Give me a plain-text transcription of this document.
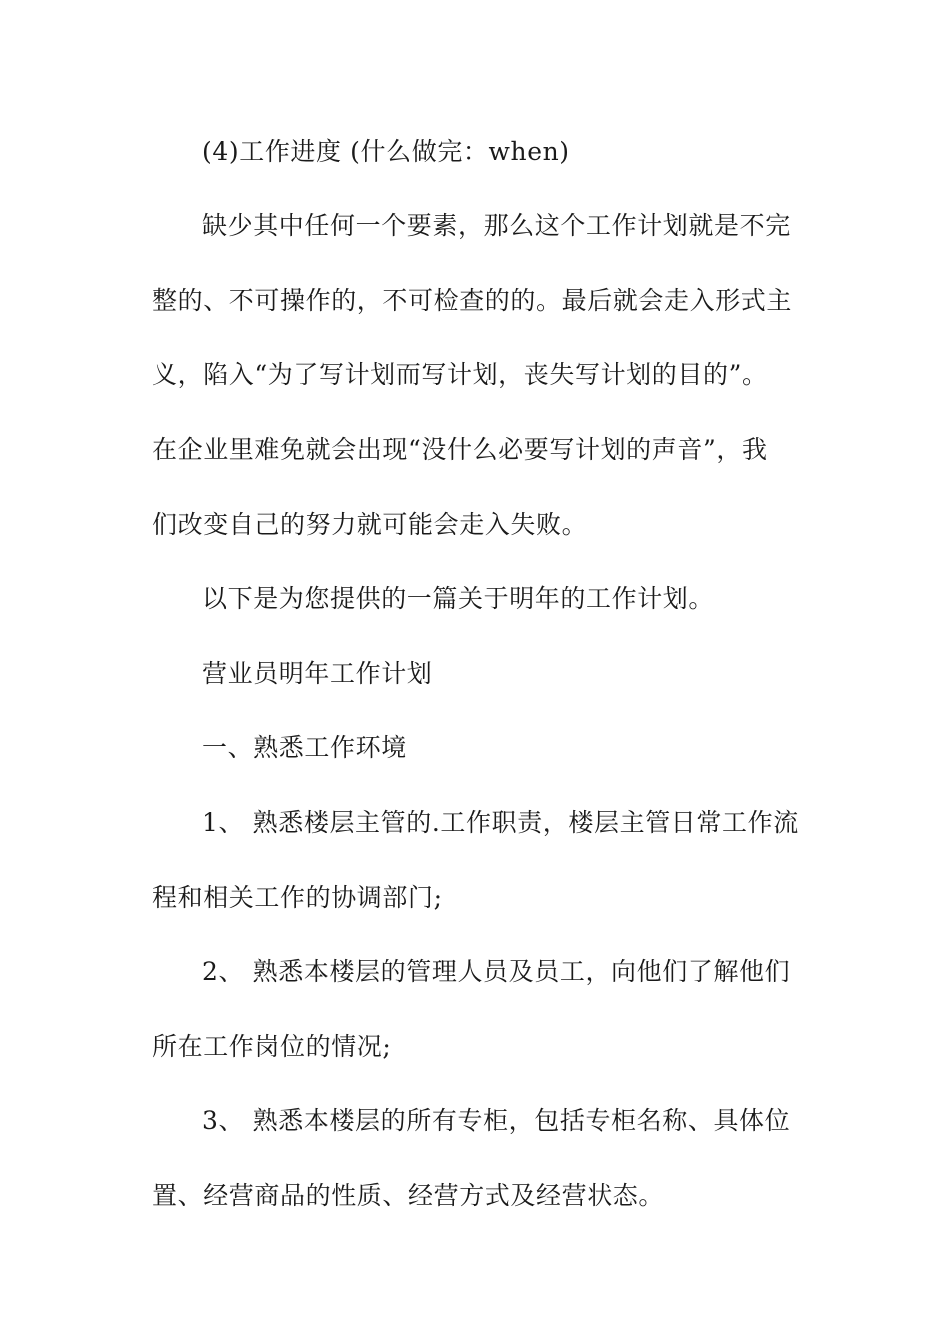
(4)工作进度 (什么做完：when)
缺少其中任何一个要素，那么这个工作计划就是不完
整的、不可操作的，不可检查的的。最后就会走入形式主
义，陷入“为了写计划而写计划，丧失写计划的目的”。
在企业里难免就会出现“没什么必要写计划的声音”，我
们改变自己的努力就可能会走入失败。
以下是为您提供的一篇关于明年的工作计划。
营业员明年工作计划
一、熟悉工作环境
1、 熟悉楼层主管的.工作职责，楼层主管日常工作流
程和相关工作的协调部门;
2、 熟悉本楼层的管理人员及员工，向他们了解他们
所在工作岗位的情况;
3、 熟悉本楼层的所有专柜，包括专柜名称、具体位
置、经营商品的性质、经营方式及经营状态。
